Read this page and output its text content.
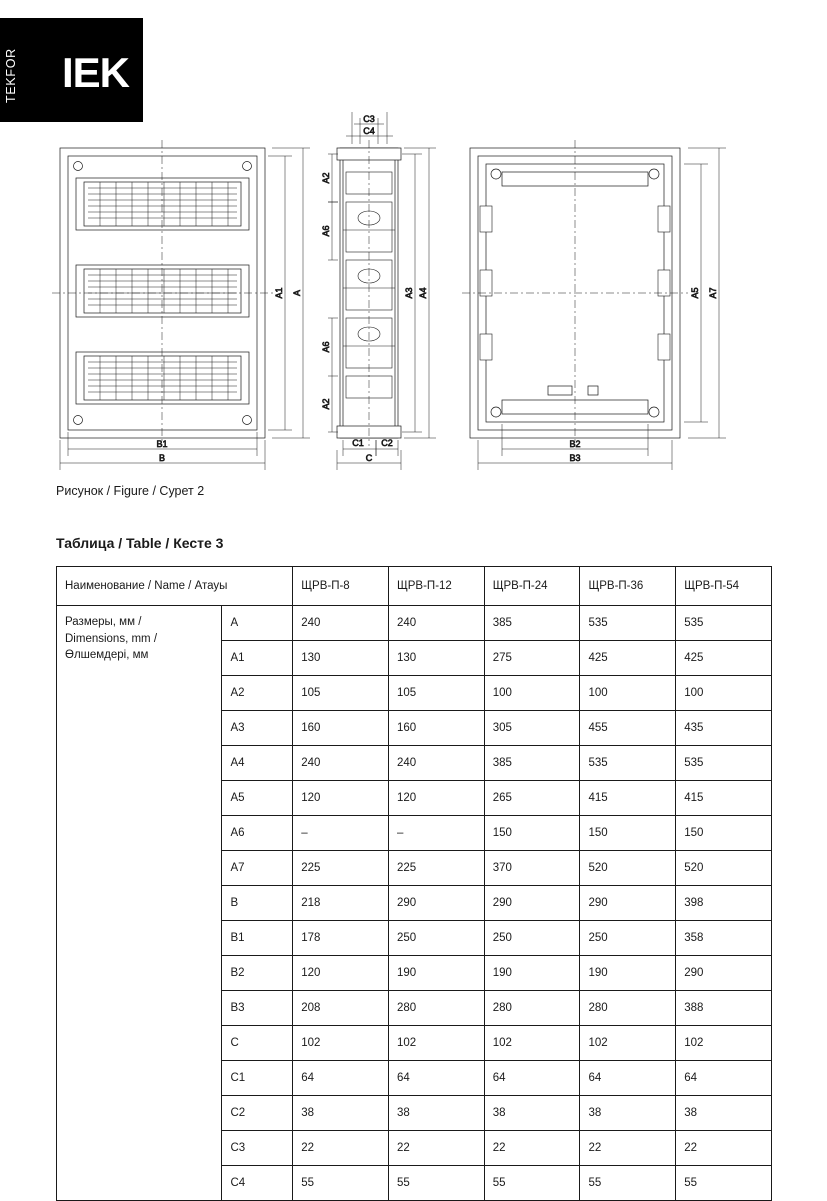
TEKFOR IEK
A1 A
B1
B
C3
C4
A2
A6
A6
A2
A3 A4
C1 C2
C
A5 A7
B2
B3
Рисунок / Figure / Сурет 2
Таблица / Table / Кесте 3
Наименование / Name / Атауы		ЩРВ-П-8	ЩРВ-П-12	ЩРВ-П-24	ЩРВ-П-36	ЩРВ-П-54

Размеры, мм /
Dimensions, mm /
Өлшемдері, мм	A	240	240	385	535	535
	A1	130	130	275	425	425
	A2	105	105	100	100	100
	A3	160	160	305	455	435
	A4	240	240	385	535	535
	A5	120	120	265	415	415
	A6	–	–	150	150	150
	A7	225	225	370	520	520
	B	218	290	290	290	398
	B1	178	250	250	250	358
	B2	120	190	190	190	290
	B3	208	280	280	280	388
	C	102	102	102	102	102
	C1	64	64	64	64	64
	C2	38	38	38	38	38
	C3	22	22	22	22	22
	C4	55	55	55	55	55
